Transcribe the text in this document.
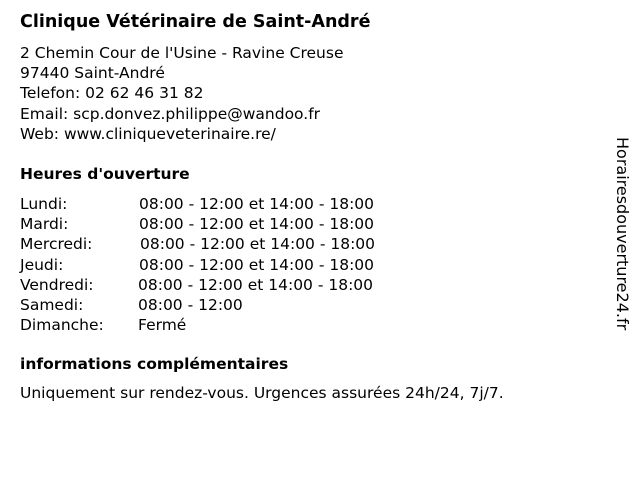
Clinique Vétérinaire de Saint-André
2 Chemin Cour de l'Usine - Ravine Creuse
97440 Saint-André
Telefon: 02 62 46 31 82
Email: scp.donvez.philippe@wandoo.fr
Web: www.cliniqueveterinaire.re/
Heures d'ouverture
Lundi:	08:00 - 12:00 et 14:00 - 18:00
Mardi:	08:00 - 12:00 et 14:00 - 18:00
Mercredi:	08:00 - 12:00 et 14:00 - 18:00
Jeudi:	08:00 - 12:00 et 14:00 - 18:00
Vendredi:	08:00 - 12:00 et 14:00 - 18:00
Samedi:	08:00 - 12:00
Dimanche: Fermé
informations complémentaires
Uniquement sur rendez-vous. Urgences assurées 24h/24, 7j/7.
Horairesdouverture24.fr
